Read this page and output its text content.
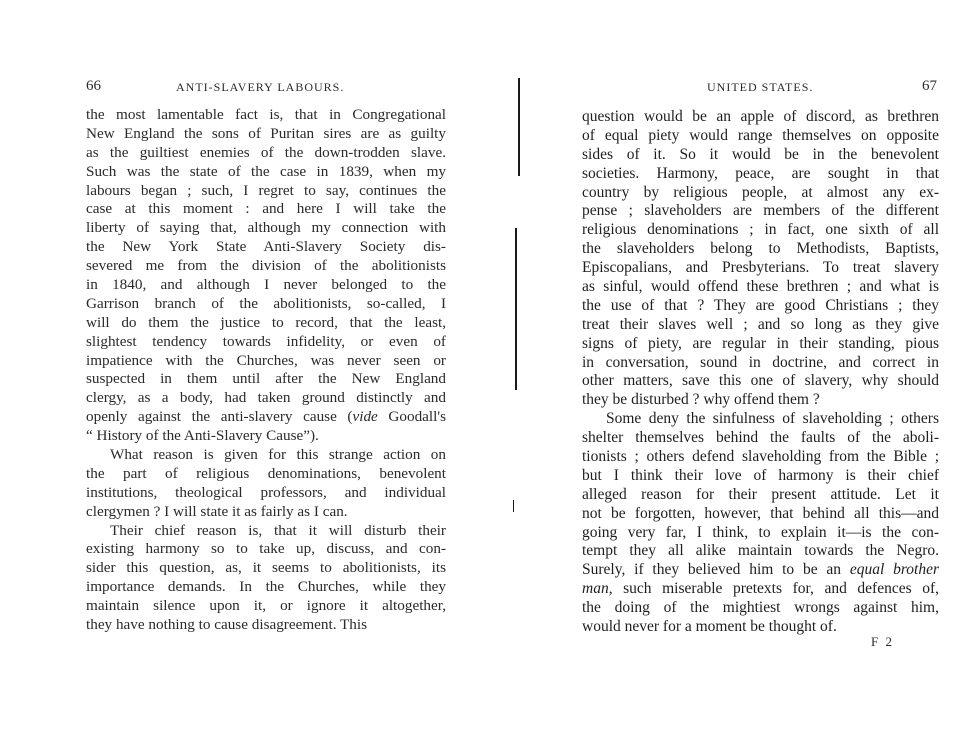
66	ANTI-SLAVERY LABOURS.
the most lamentable fact is, that in Congregational
New England the sons of Puritan sires are as guilty
as the guiltiest enemies of the down-trodden slave.
Such was the state of the case in 1839, when my
labours began ; such, I regret to say, continues the
case at this moment : and here I will take the
liberty of saying that, although my connection with
the New York State Anti-Slavery Society dis-
severed me from the division of the abolitionists
in 1840, and although I never belonged to the
Garrison branch of the abolitionists, so-called, I
will do them the justice to record, that the least,
slightest tendency towards infidelity, or even of
impatience with the Churches, was never seen or
suspected in them until after the New England
clergy, as a body, had taken ground distinctly and
openly against the anti-slavery cause (vide Goodall's
“ History of the Anti-Slavery Cause”).
What reason is given for this strange action on
the part of religious denominations, benevolent
institutions, theological professors, and individual
clergymen ? I will state it as fairly as I can.
Their chief reason is, that it will disturb their
existing harmony so to take up, discuss, and con-
sider this question, as, it seems to abolitionists, its
importance demands. In the Churches, while they
maintain silence upon it, or ignore it altogether,
they have nothing to cause disagreement. This
UNITED STATES.	67
question would be an apple of discord, as brethren
of equal piety would range themselves on opposite
sides of it. So it would be in the benevolent
societies. Harmony, peace, are sought in that
country by religious people, at almost any ex-
pense ; slaveholders are members of the different
religious denominations ; in fact, one sixth of all
the slaveholders belong to Methodists, Baptists,
Episcopalians, and Presbyterians. To treat slavery
as sinful, would offend these brethren ; and what is
the use of that ? They are good Christians ; they
treat their slaves well ; and so long as they give
signs of piety, are regular in their standing, pious
in conversation, sound in doctrine, and correct in
other matters, save this one of slavery, why should
they be disturbed ? why offend them ?
Some deny the sinfulness of slaveholding ; others
shelter themselves behind the faults of the aboli-
tionists ; others defend slaveholding from the Bible ;
but I think their love of harmony is their chief
alleged reason for their present attitude. Let it
not be forgotten, however, that behind all this—and
going very far, I think, to explain it—is the con-
tempt they all alike maintain towards the Negro.
Surely, if they believed him to be an equal brother
man, such miserable pretexts for, and defences of,
the doing of the mightiest wrongs against him,
would never for a moment be thought of.
F 2
